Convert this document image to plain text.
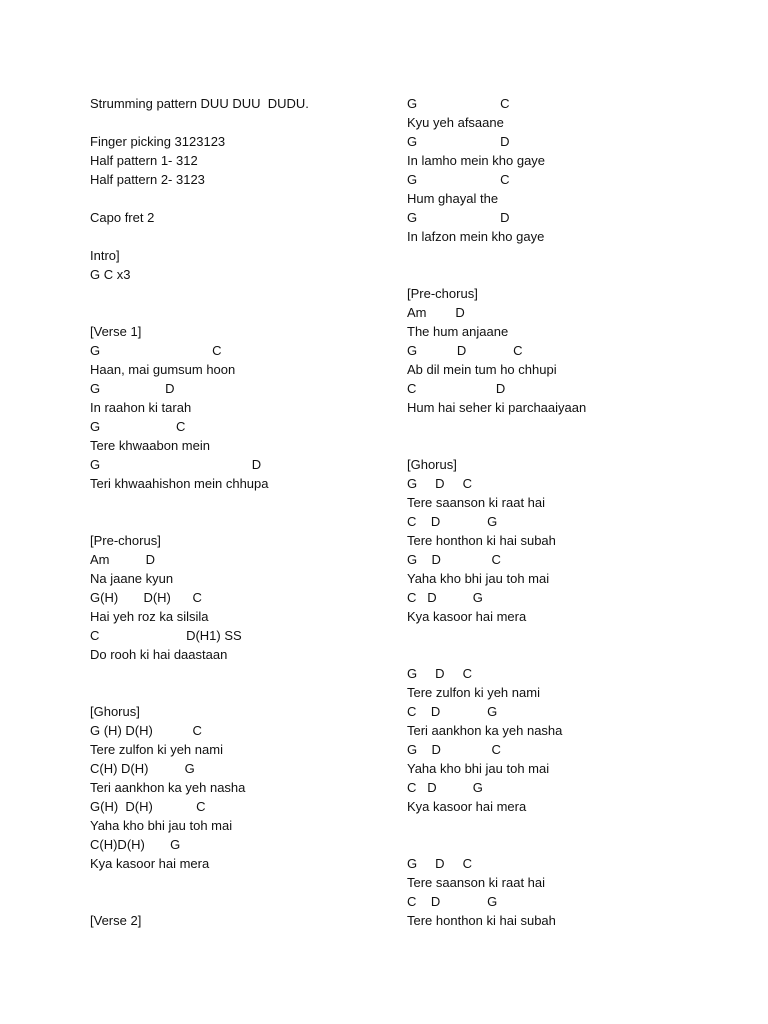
Strumming pattern DUU DUU  DUDU.
Finger picking 3123123
Half pattern 1- 312
Half pattern 2- 3123
Capo fret 2
Intro]
G C x3
[Verse 1]
G                               C
Haan, mai gumsum hoon
G                  D
In raahon ki tarah
G                     C
Tere khwaabon mein
G                                          D
Teri khwaahishon mein chhupa
[Pre-chorus]
Am          D
Na jaane kyun
G(H)       D(H)      C
Hai yeh roz ka silsila
C                        D(H1) SS
Do rooh ki hai daastaan
[Ghorus]
G (H) D(H)           C
Tere zulfon ki yeh nami
C(H) D(H)          G
Teri aankhon ka yeh nasha
G(H)  D(H)            C
Yaha kho bhi jau toh mai
C(H)D(H)       G
Kya kasoor hai mera
[Verse 2]
G                       C
Kyu yeh afsaane
G                       D
In lamho mein kho gaye
G                       C
Hum ghayal the
G                       D
In lafzon mein kho gaye
[Pre-chorus]
Am        D
The hum anjaane
G           D             C
Ab dil mein tum ho chhupi
C                      D
Hum hai seher ki parchaaiyaan
[Ghorus]
G     D     C
Tere saanson ki raat hai
C    D             G
Tere honthon ki hai subah
G    D              C
Yaha kho bhi jau toh mai
C   D          G
Kya kasoor hai mera
G     D     C
Tere zulfon ki yeh nami
C    D             G
Teri aankhon ka yeh nasha
G    D              C
Yaha kho bhi jau toh mai
C   D          G
Kya kasoor hai mera
G     D     C
Tere saanson ki raat hai
C    D             G
Tere honthon ki hai subah
